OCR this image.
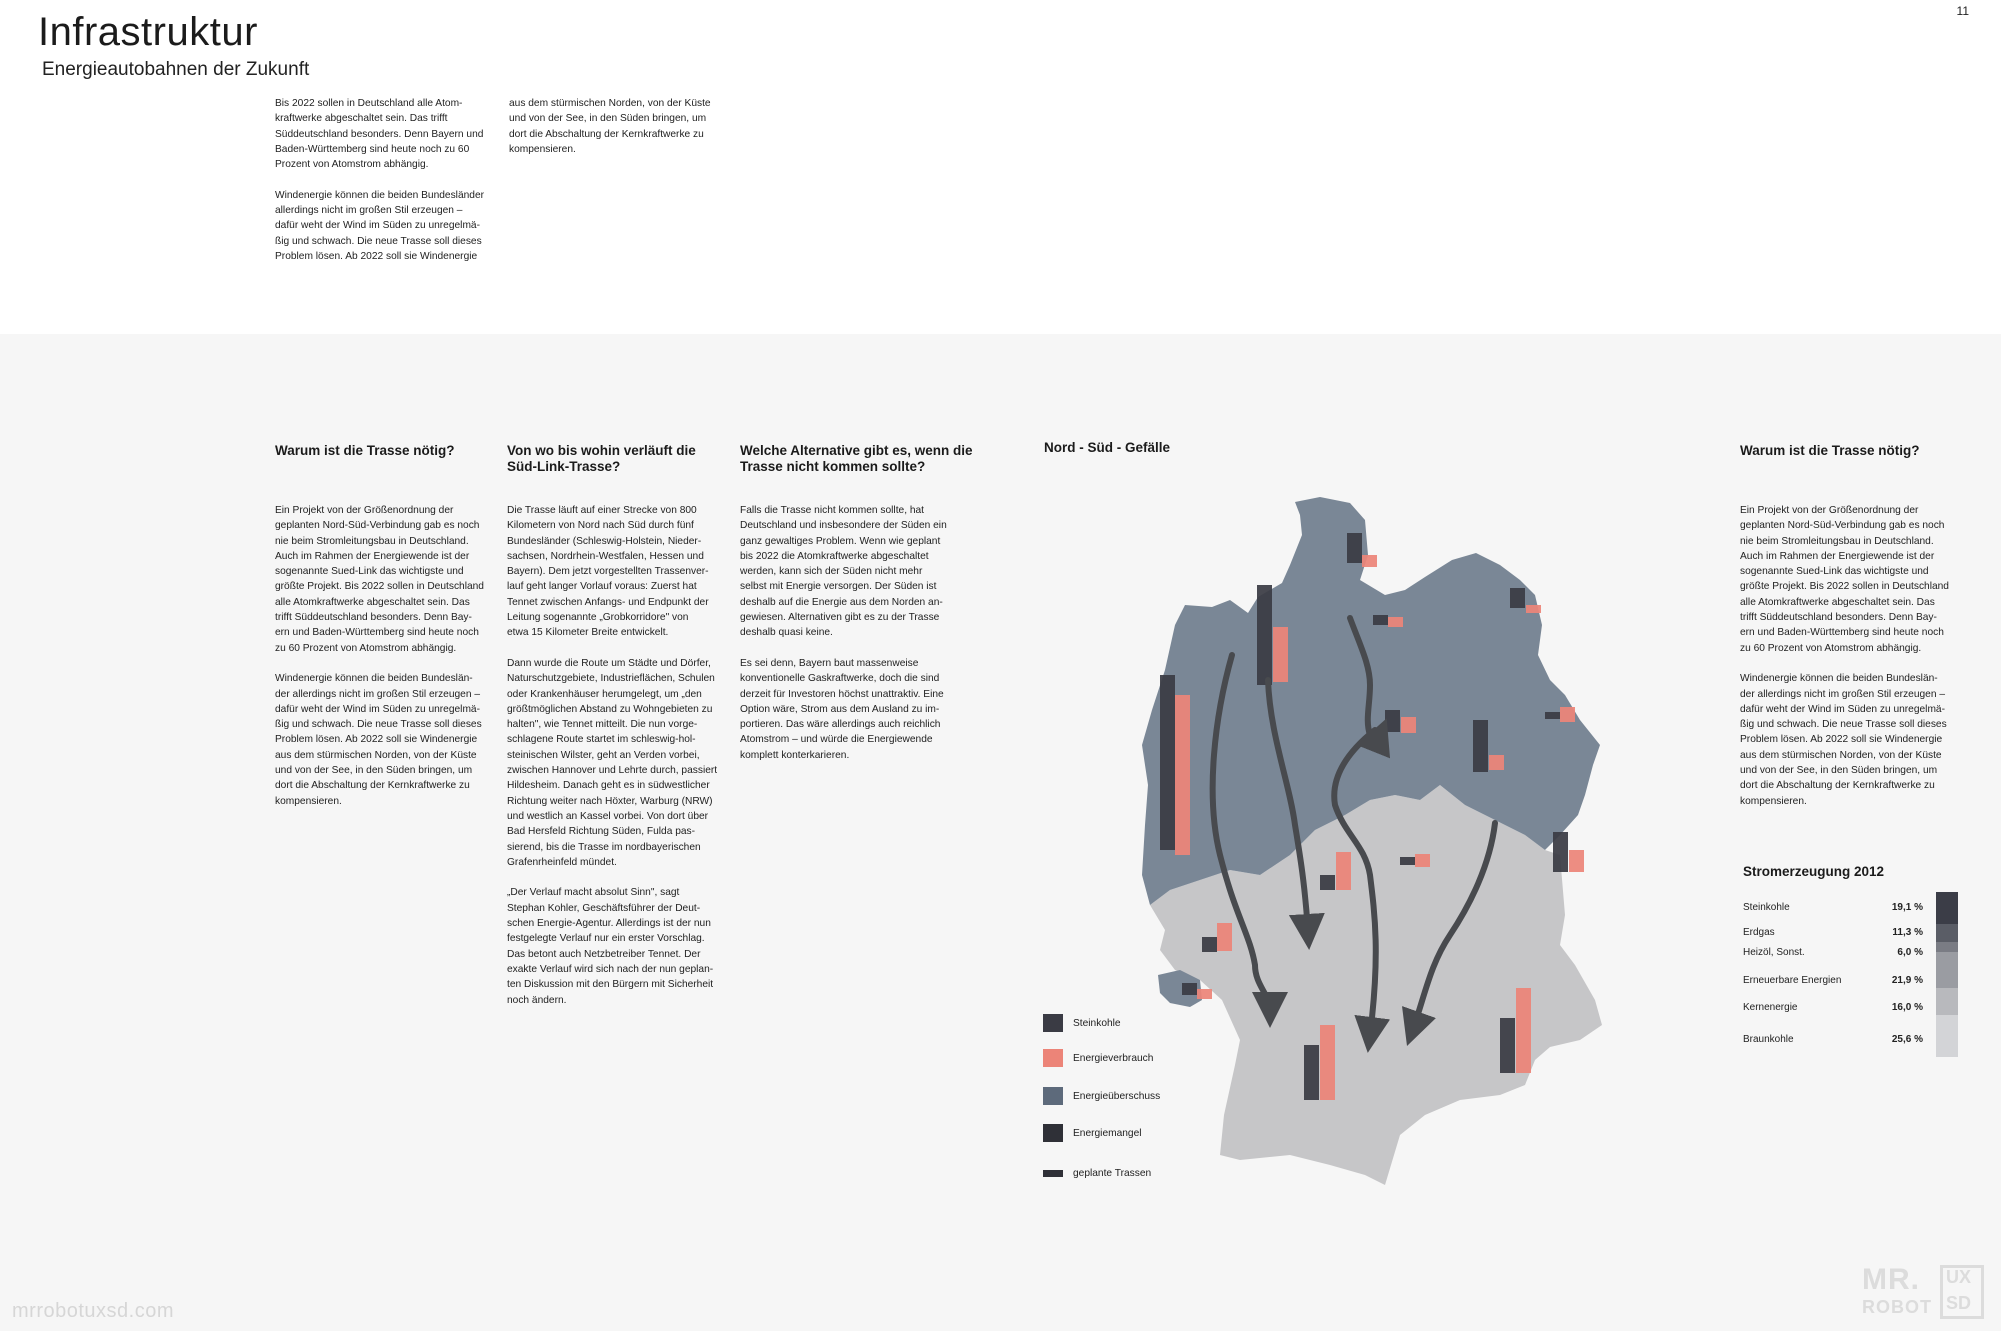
Infrastruktur
Energieautobahnen der Zukunft
11
Bis 2022 sollen in Deutschland alle Atom-
kraftwerke abgeschaltet sein. Das trifft
Süddeutschland besonders. Denn Bayern und
Baden-Württemberg sind heute noch zu 60
Prozent von Atomstrom abhängig.

Windenergie können die beiden Bundesländer
allerdings nicht im großen Stil erzeugen –
dafür weht der Wind im Süden zu unregelmä-
ßig und schwach. Die neue Trasse soll dieses
Problem lösen. Ab 2022 soll sie Windenergie
aus dem stürmischen Norden, von der Küste
und von der See, in den Süden bringen, um
dort die Abschaltung der Kernkraftwerke zu
kompensieren.
Warum ist die Trasse nötig?
Ein Projekt von der Größenordnung der
geplanten Nord-Süd-Verbindung gab es noch
nie beim Stromleitungsbau in Deutschland.
Auch im Rahmen der Energiewende ist der
sogenannte Sued-Link das wichtigste und
größte Projekt. Bis 2022 sollen in Deutschland
alle Atomkraftwerke abgeschaltet sein. Das
trifft Süddeutschland besonders. Denn Bay-
ern und Baden-Württemberg sind heute noch
zu 60 Prozent von Atomstrom abhängig.

Windenergie können die beiden Bundeslän-
der allerdings nicht im großen Stil erzeugen –
dafür weht der Wind im Süden zu unregelmä-
ßig und schwach. Die neue Trasse soll dieses
Problem lösen. Ab 2022 soll sie Windenergie
aus dem stürmischen Norden, von der Küste
und von der See, in den Süden bringen, um
dort die Abschaltung der Kernkraftwerke zu
kompensieren.
Von wo bis wohin verläuft die
Süd-Link-Trasse?
Die Trasse läuft auf einer Strecke von 800
Kilometern von Nord nach Süd durch fünf
Bundesländer (Schleswig-Holstein, Nieder-
sachsen, Nordrhein-Westfalen, Hessen und
Bayern). Dem jetzt vorgestellten Trassenver-
lauf geht langer Vorlauf voraus: Zuerst hat
Tennet zwischen Anfangs- und Endpunkt der
Leitung sogenannte „Grobkorridore" von
etwa 15 Kilometer Breite entwickelt.

Dann wurde die Route um Städte und Dörfer,
Naturschutzgebiete, Industrieflächen, Schulen
oder Krankenhäuser herumgelegt, um „den
größtmöglichen Abstand zu Wohngebieten zu
halten", wie Tennet mitteilt. Die nun vorge-
schlagene Route startet im schleswig-hol-
steinischen Wilster, geht an Verden vorbei,
zwischen Hannover und Lehrte durch, passiert
Hildesheim. Danach geht es in südwestlicher
Richtung weiter nach Höxter, Warburg (NRW)
und westlich an Kassel vorbei. Von dort über
Bad Hersfeld Richtung Süden, Fulda pas-
sierend, bis die Trasse im nordbayerischen
Grafenrheinfeld mündet.

„Der Verlauf macht absolut Sinn", sagt
Stephan Kohler, Geschäftsführer der Deut-
schen Energie-Agentur. Allerdings ist der nun
festgelegte Verlauf nur ein erster Vorschlag.
Das betont auch Netzbetreiber Tennet. Der
exakte Verlauf wird sich nach der nun geplan-
ten Diskussion mit den Bürgern mit Sicherheit
noch ändern.
Welche Alternative gibt es, wenn die
Trasse nicht kommen sollte?
Falls die Trasse nicht kommen sollte, hat
Deutschland und insbesondere der Süden ein
ganz gewaltiges Problem. Wenn wie geplant
bis 2022 die Atomkraftwerke abgeschaltet
werden, kann sich der Süden nicht mehr
selbst mit Energie versorgen. Der Süden ist
deshalb auf die Energie aus dem Norden an-
gewiesen. Alternativen gibt es zu der Trasse
deshalb quasi keine.

Es sei denn, Bayern baut massenweise
konventionelle Gaskraftwerke, doch die sind
derzeit für Investoren höchst unattraktiv. Eine
Option wäre, Strom aus dem Ausland zu im-
portieren. Das wäre allerdings auch reichlich
Atomstrom – und würde die Energiewende
komplett konterkarieren.
Warum ist die Trasse nötig?
Ein Projekt von der Größenordnung der
geplanten Nord-Süd-Verbindung gab es noch
nie beim Stromleitungsbau in Deutschland.
Auch im Rahmen der Energiewende ist der
sogenannte Sued-Link das wichtigste und
größte Projekt. Bis 2022 sollen in Deutschland
alle Atomkraftwerke abgeschaltet sein. Das
trifft Süddeutschland besonders. Denn Bay-
ern und Baden-Württemberg sind heute noch
zu 60 Prozent von Atomstrom abhängig.

Windenergie können die beiden Bundeslän-
der allerdings nicht im großen Stil erzeugen –
dafür weht der Wind im Süden zu unregelmä-
ßig und schwach. Die neue Trasse soll dieses
Problem lösen. Ab 2022 soll sie Windenergie
aus dem stürmischen Norden, von der Küste
und von der See, in den Süden bringen, um
dort die Abschaltung der Kernkraftwerke zu
kompensieren.
Nord - Süd - Gefälle
Steinkohle
Energieverbrauch
Energieüberschuss
Energiemangel
geplante Trassen
Stromerzeugung 2012
Steinkohle	19,1 %
Erdgas	11,3 %
Heizöl, Sonst.	6,0 %
Erneuerbare Energien	21,9 %
Kernenergie	16,0 %
Braunkohle	25,6 %
mrrobotuxsd.com
MR.
ROBOT
UX
SD
